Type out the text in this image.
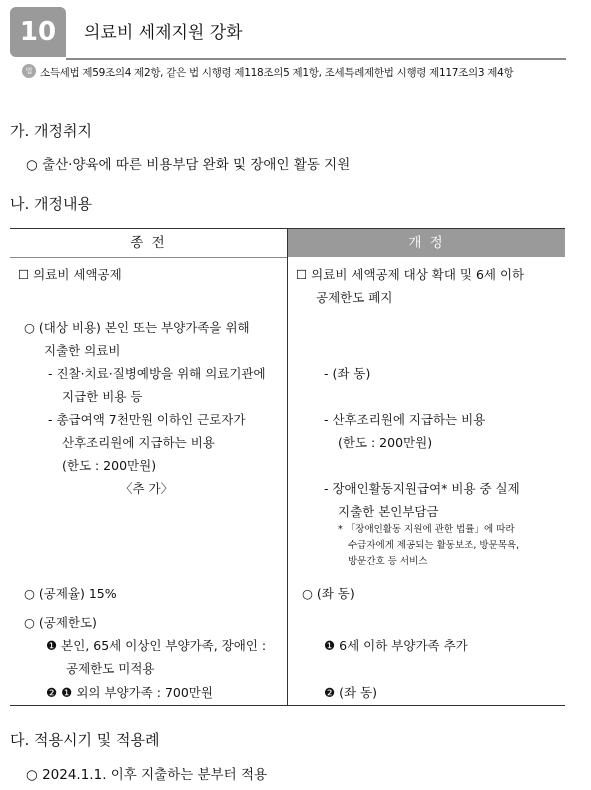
10	의료비 세제지원 강화
법 소득세법 제59조의4 제2항, 같은 법 시행령 제118조의5 제1항, 조세특례제한법 시행령 제117조의3 제4항
가. 개정취지
○ 출산·양육에 따른 비용부담 완화 및 장애인 활동 지원
나. 개정내용
종 전	개 정
☐ 의료비 세액공제
○ (대상 비용) 본인 또는 부양가족을 위해
지출한 의료비
- 진찰·치료·질병예방을 위해 의료기관에
지급한 비용 등
- 총급여액 7천만원 이하인 근로자가
산후조리원에 지급하는 비용
(한도 : 200만원)
〈추 가〉
○ (공제율) 15%
○ (공제한도)
❶ 본인, 65세 이상인 부양가족, 장애인 :
공제한도 미적용
❷ ❶ 외의 부양가족 : 700만원
☐ 의료비 세액공제 대상 확대 및 6세 이하
공제한도 폐지
- (좌 동)
- 산후조리원에 지급하는 비용
(한도 : 200만원)
- 장애인활동지원급여* 비용 중 실제
지출한 본인부담금
* 「장애인활동 지원에 관한 법률」에 따라
수급자에게 제공되는 활동보조, 방문목욕,
방문간호 등 서비스
○ (좌 동)
❶ 6세 이하 부양가족 추가
❷ (좌 동)
다. 적용시기 및 적용례
○ 2024.1.1. 이후 지출하는 분부터 적용
